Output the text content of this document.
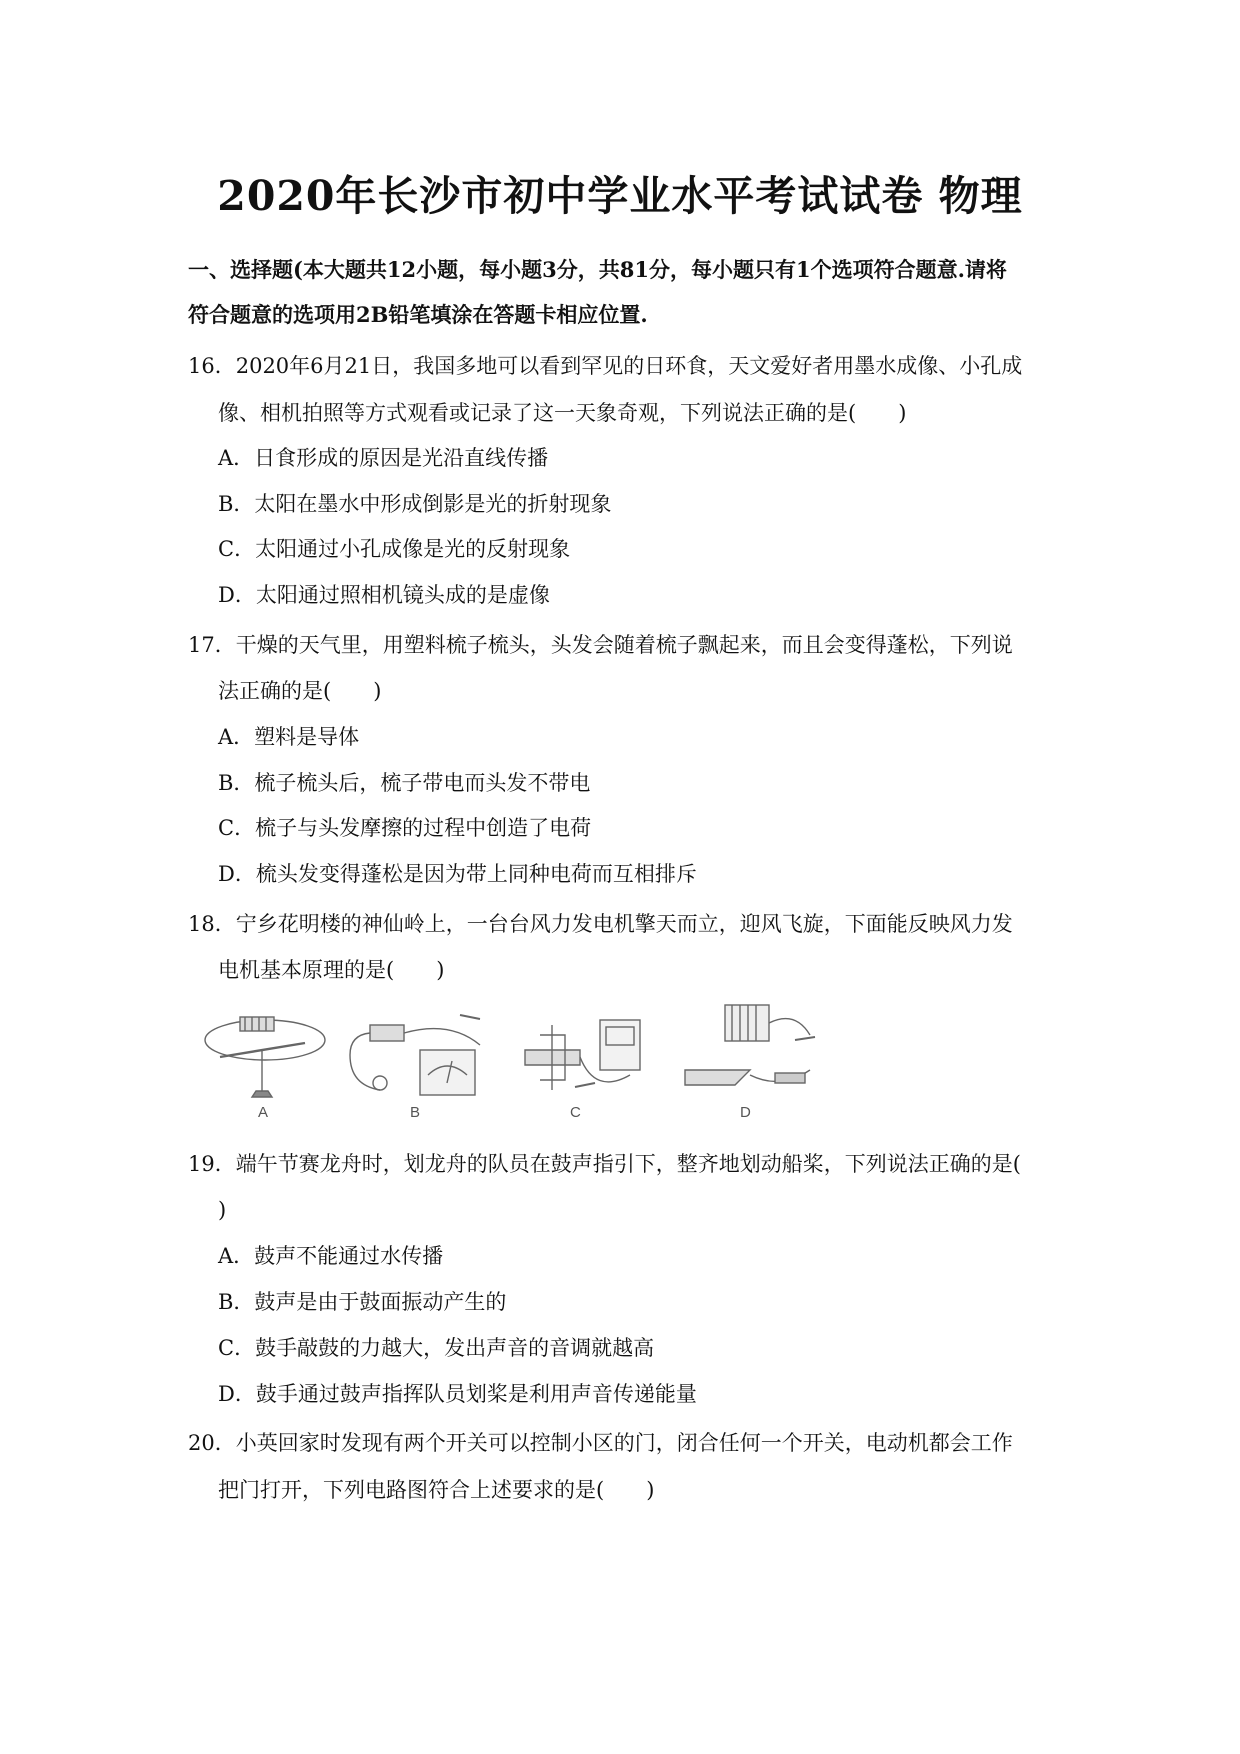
2020年长沙市初中学业水平考试试卷 物理
一、选择题(本大题共12小题，每小题3分，共81分，每小题只有1个选项符合题意.请将
符合题意的选项用2B铅笔填涂在答题卡相应位置.
16．2020年6月21日，我国多地可以看到罕见的日环食，天文爱好者用墨水成像、小孔成
像、相机拍照等方式观看或记录了这一天象奇观，下列说法正确的是(　　)
A．日食形成的原因是光沿直线传播
B．太阳在墨水中形成倒影是光的折射现象
C．太阳通过小孔成像是光的反射现象
D．太阳通过照相机镜头成的是虚像
17．干燥的天气里，用塑料梳子梳头，头发会随着梳子飘起来，而且会变得蓬松，下列说
法正确的是(　　)
A．塑料是导体
B．梳子梳头后，梳子带电而头发不带电
C．梳子与头发摩擦的过程中创造了电荷
D．梳头发变得蓬松是因为带上同种电荷而互相排斥
18．宁乡花明楼的神仙岭上，一台台风力发电机擎天而立，迎风飞旋，下面能反映风力发
电机基本原理的是(　　)
A	B	C	D
19．端午节赛龙舟时，划龙舟的队员在鼓声指引下，整齐地划动船桨，下列说法正确的是(
)
A．鼓声不能通过水传播
B．鼓声是由于鼓面振动产生的
C．鼓手敲鼓的力越大，发出声音的音调就越高
D．鼓手通过鼓声指挥队员划桨是利用声音传递能量
20．小英回家时发现有两个开关可以控制小区的门，闭合任何一个开关，电动机都会工作
把门打开，下列电路图符合上述要求的是(　　)
